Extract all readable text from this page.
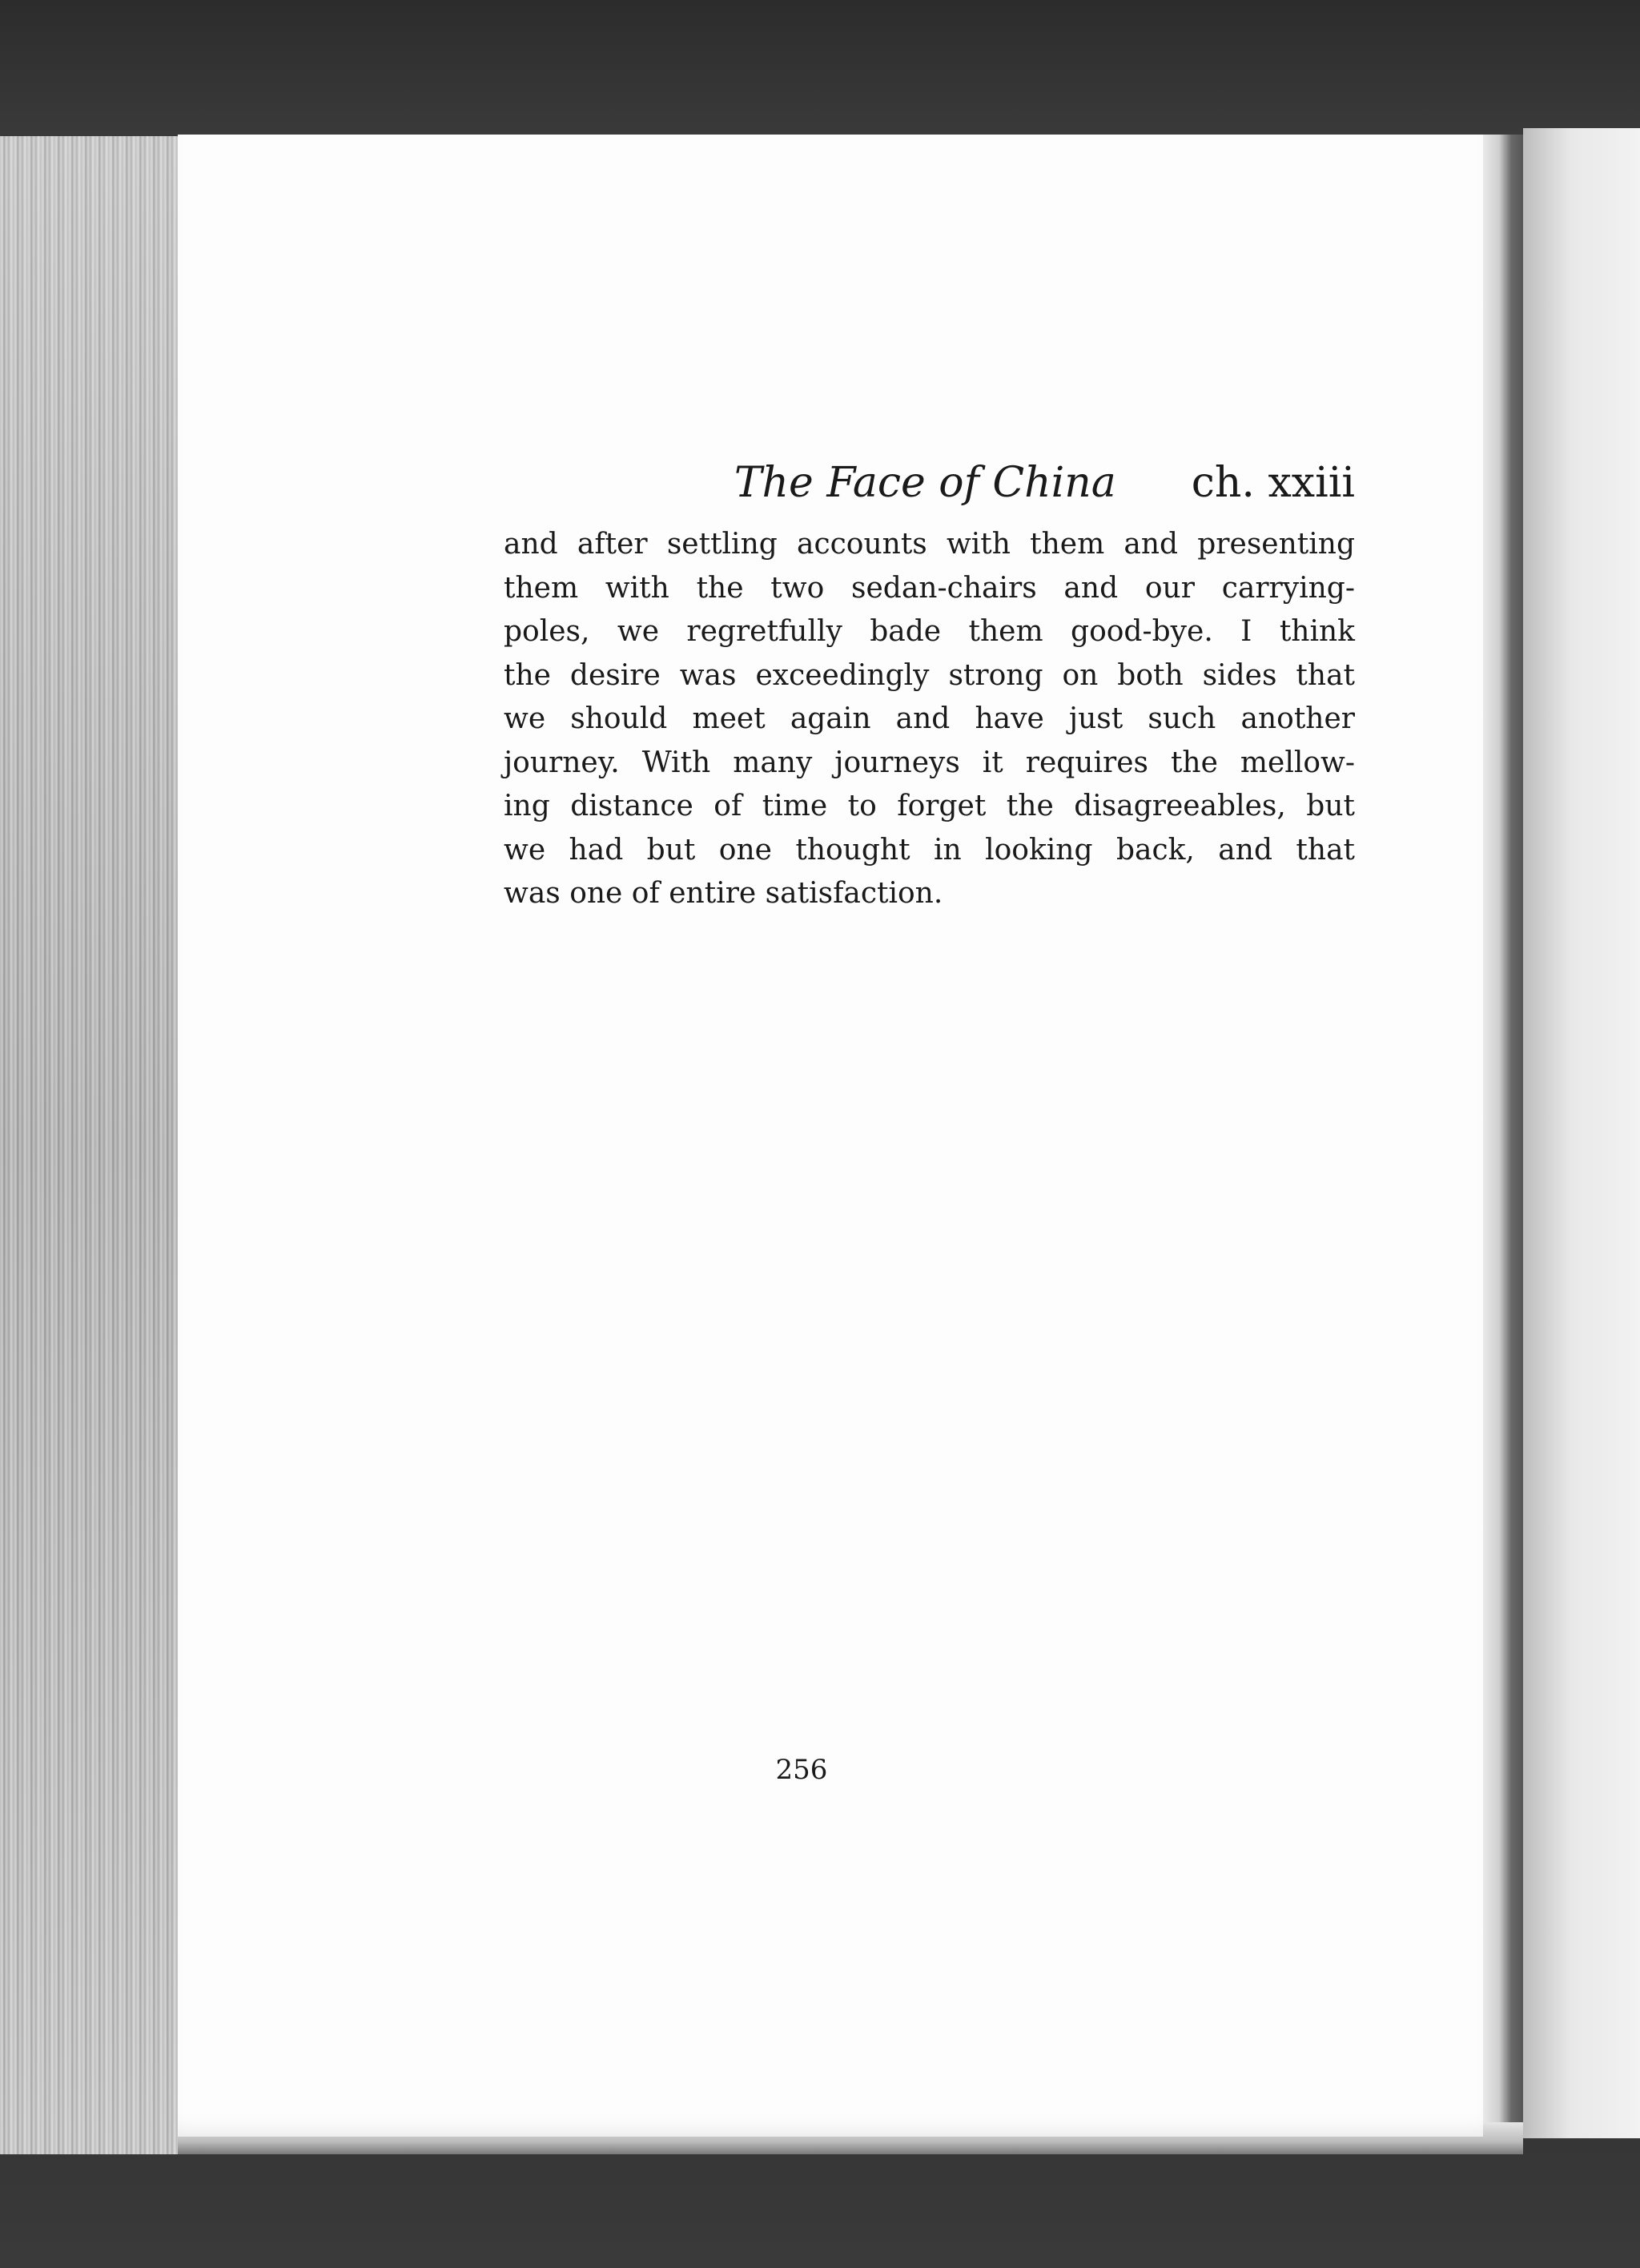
The Face of China ch. xxiii
and after settling accounts with them and presenting
them with the two sedan-chairs and our carrying-
poles, we regretfully bade them good-bye. I think
the desire was exceedingly strong on both sides that
we should meet again and have just such another
journey. With many journeys it requires the mellow-
ing distance of time to forget the disagreeables, but
we had but one thought in looking back, and that
was one of entire satisfaction.
256
